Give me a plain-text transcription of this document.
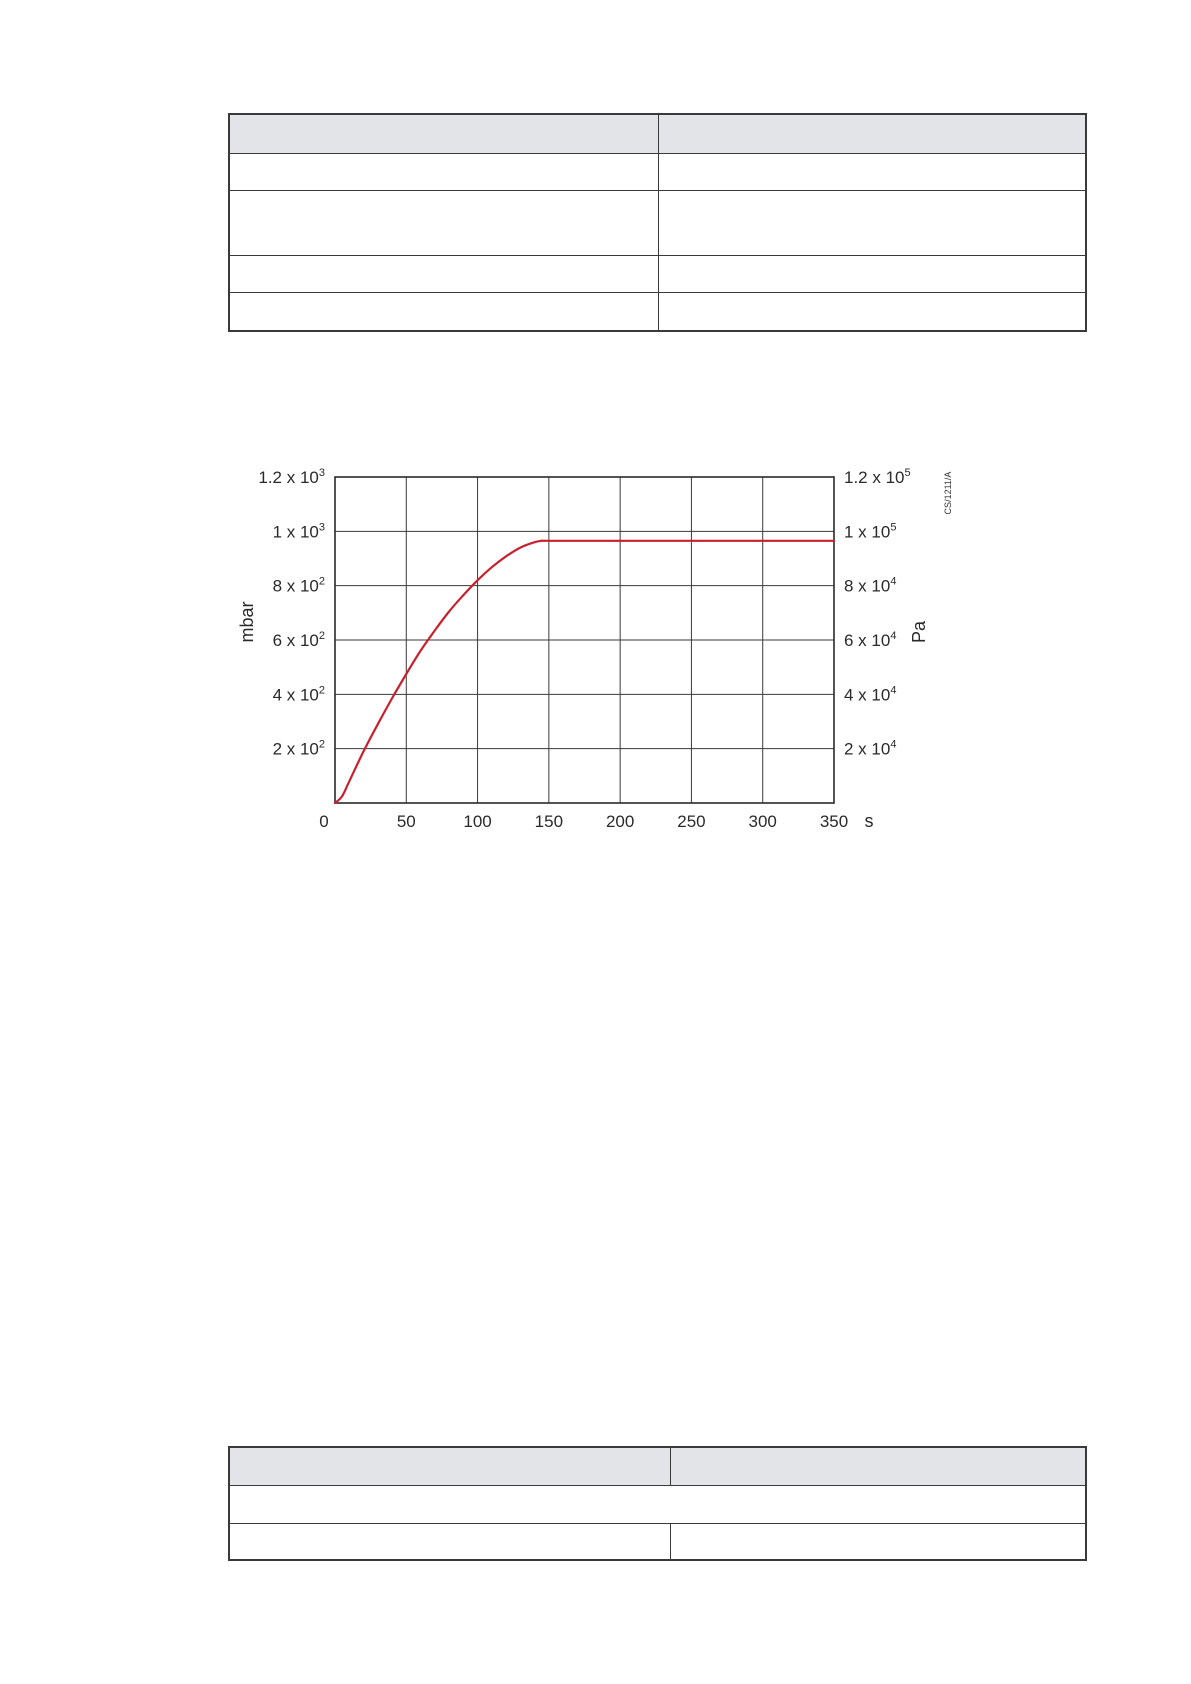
2 x $10^2$
4 x $10^2$
6 x $10^2$
8 x $10^2$
1 x $10^3$
1.2 x $10^3$
2 x $10^4$
4 x $10^4$
6 x $10^4$
8 x $10^4$
1 x $10^5$
1.2 x $10^5$
0	50	100	150	200	250	300	350
mbar	Pa
s
CS/1211/A
